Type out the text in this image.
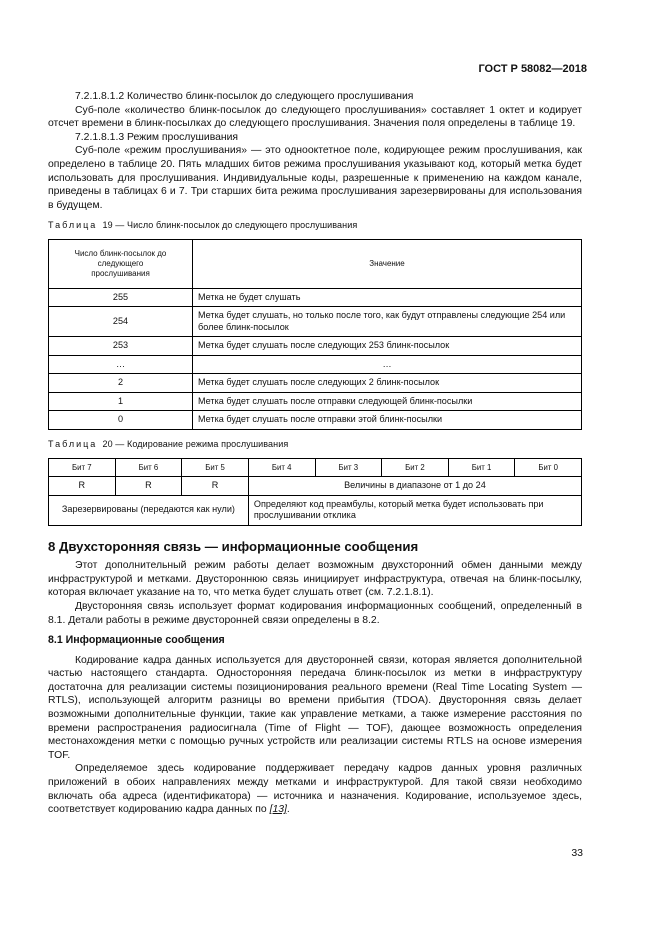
ГОСТ Р 58082—2018

7.2.1.8.1.2 Количество блинк-посылок до следующего прослушивания

Суб-поле «количество блинк-посылок до следующего прослушивания» составляет 1 октет и кодирует отсчет времени в блинк-посылках до следующего прослушивания. Значения поля определены в таблице 19.

7.2.1.8.1.3 Режим прослушивания

Суб-поле «режим прослушивания» — это однооктетное поле, кодирующее режим прослушивания, как определено в таблице 20. Пять младших битов режима прослушивания указывают код, который метка будет использовать для прослушивания. Индивидуальные коды, разрешенные к применению на каждом канале, приведены в таблицах 6 и 7. Три старших бита режима прослушивания зарезервированы для использования в будущем.

Таблица 19 — Число блинк-посылок до следующего прослушивания
Число блинк-посылок до следующего прослушивания	Значение
255	Метка не будет слушать
254	Метка будет слушать, но только после того, как будут отправлены следующие 254 или более блинк-посылок
253	Метка будет слушать после следующих 253 блинк-посылок
…	…
2	Метка будет слушать после следующих 2 блинк-посылок
1	Метка будет слушать после отправки следующей блинк-посылки
0	Метка будет слушать после отправки этой блинк-посылки
Таблица 20 — Кодирование режима прослушивания
Бит 7	Бит 6	Бит 5	Бит 4	Бит 3	Бит 2	Бит 1	Бит 0
R	R	R	Величины в диапазоне от 1 до 24				
Зарезервированы (передаются как нули)			Определяют код преамбулы, который метка будет использовать при прослушивании отклика				
8 Двухсторонняя связь — информационные сообщения

Этот дополнительный режим работы делает возможным двухсторонний обмен данными между инфраструктурой и метками. Двустороннюю связь инициирует инфраструктура, отвечая на блинк-посылку, которая включает указание на то, что метка будет слушать ответ (см. 7.2.1.8.1).

Двусторонняя связь использует формат кодирования информационных сообщений, определенный в 8.1. Детали работы в режиме двусторонней связи определены в 8.2.

8.1 Информационные сообщения

Кодирование кадра данных используется для двусторонней связи, которая является дополнительной частью настоящего стандарта. Односторонняя передача блинк-посылок из метки в инфраструктуру достаточна для реализации системы позиционирования реального времени (Real Time Locating System — RTLS), использующей алгоритм разницы во времени прибытия (TDOA). Двусторонняя связь делает возможными дополнительные функции, такие как управление метками, а также измерение расстояния по времени распространения радиосигнала (Time of Flight — TOF), дающее возможность определения местонахождения метки с помощью ручных устройств или реализации системы RTLS на основе измерения TOF.

Определяемое здесь кодирование поддерживает передачу кадров данных уровня различных приложений в обоих направлениях между метками и инфраструктурой. Для такой связи необходимо включать оба адреса (идентификатора) — источника и назначения. Кодирование, используемое здесь, соответствует кодированию кадра данных по [13].

33
